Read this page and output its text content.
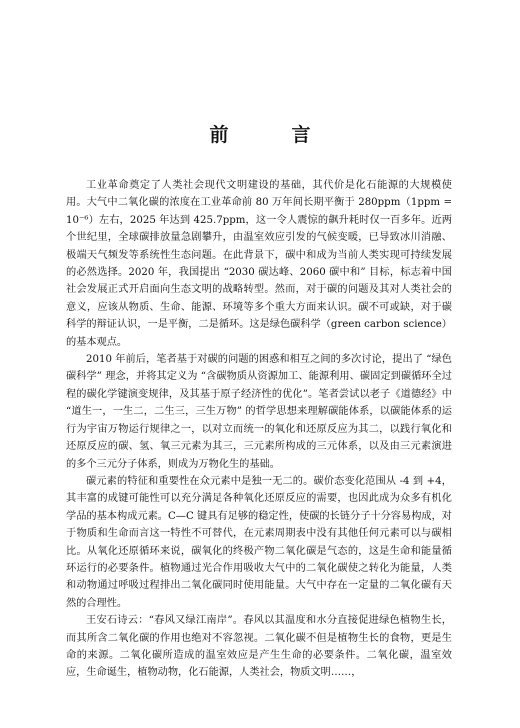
前　言

工业革命奠定了人类社会现代文明建设的基础，其代价是化石能源的大规模使用。大气中二氧化碳的浓度在工业革命前 80 万年间长期平衡于 280ppm（1ppm = 10⁻⁶）左右，2025 年达到 425.7ppm，这一令人震惊的飙升耗时仅一百多年。近两个世纪里，全球碳排放量急剧攀升，由温室效应引发的气候变暖，已导致冰川消融、极端天气频发等系统性生态问题。在此背景下，碳中和成为当前人类实现可持续发展的必然选择。2020 年，我国提出 “2030 碳达峰、2060 碳中和” 目标，标志着中国社会发展正式开启面向生态文明的战略转型。然而，对于碳的问题及其对人类社会的意义，应该从物质、生命、能源、环境等多个重大方面来认识。碳不可或缺，对于碳科学的辩证认识，一是平衡，二是循环。这是绿色碳科学（green carbon science）的基本观点。

2010 年前后，笔者基于对碳的问题的困惑和相互之间的多次讨论，提出了 “绿色碳科学” 理念，并将其定义为 “含碳物质从资源加工、能源利用、碳固定到碳循环全过程的碳化学键演变规律，及其基于原子经济性的优化”。笔者尝试以老子《道德经》中 “道生一，一生二，二生三，三生万物” 的哲学思想来理解碳能体系，以碳能体系的运行为宇宙万物运行规律之一，以对立而统一的氧化和还原反应为其二，以践行氧化和还原反应的碳、氢、氧三元素为其三，三元素所构成的三元体系，以及由三元素演进的多个三元分子体系，则成为万物化生的基础。

碳元素的特征和重要性在众元素中是独一无二的。碳价态变化范围从 -4 到 +4，其丰富的成键可能性可以充分满足各种氧化还原反应的需要，也因此成为众多有机化学品的基本构成元素。C—C 键具有足够的稳定性，使碳的长链分子十分容易构成，对于物质和生命而言这一特性不可替代，在元素周期表中没有其他任何元素可以与碳相比。从氧化还原循环来说，碳氧化的终极产物二氧化碳是气态的，这是生命和能量循环运行的必要条件。植物通过光合作用吸收大气中的二氧化碳使之转化为能量，人类和动物通过呼吸过程排出二氧化碳同时使用能量。大气中存在一定量的二氧化碳有天然的合理性。

王安石诗云：“春风又绿江南岸”。春风以其温度和水分直接促进绿色植物生长，而其所含二氧化碳的作用也绝对不容忽视。二氧化碳不但是植物生长的食物，更是生命的来源。二氧化碳所造成的温室效应是产生生命的必要条件。二氧化碳，温室效应，生命诞生，植物动物，化石能源，人类社会，物质文明……，
